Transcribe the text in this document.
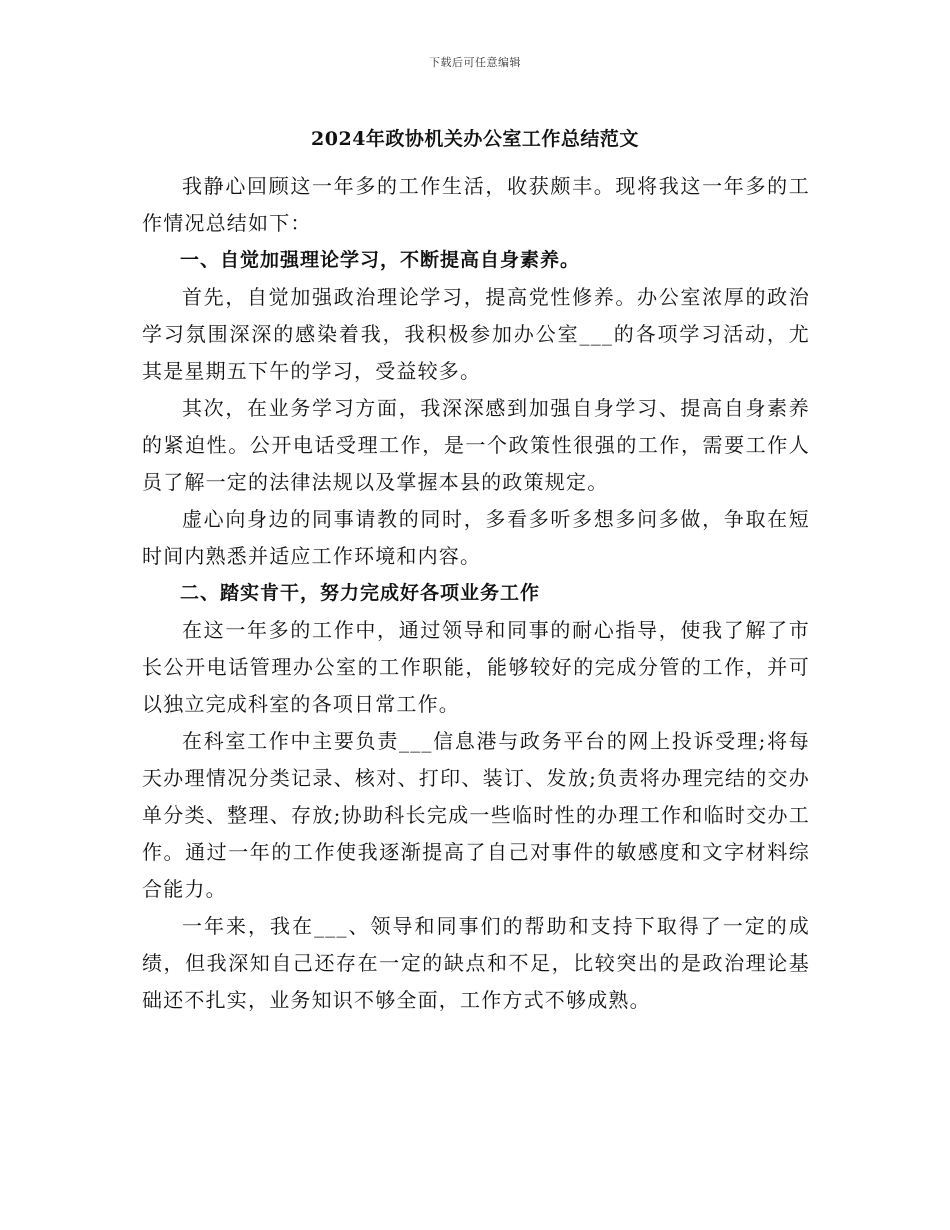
下载后可任意编辑
2024年政协机关办公室工作总结范文

我静心回顾这一年多的工作生活，收获颇丰。现将我这一年多的工作情况总结如下：

一、自觉加强理论学习，不断提高自身素养。

首先，自觉加强政治理论学习，提高党性修养。办公室浓厚的政治学习氛围深深的感染着我，我积极参加办公室___的各项学习活动，尤其是星期五下午的学习，受益较多。

其次，在业务学习方面，我深深感到加强自身学习、提高自身素养的紧迫性。公开电话受理工作，是一个政策性很强的工作，需要工作人员了解一定的法律法规以及掌握本县的政策规定。

虚心向身边的同事请教的同时，多看多听多想多问多做，争取在短时间内熟悉并适应工作环境和内容。

二、踏实肯干，努力完成好各项业务工作

在这一年多的工作中，通过领导和同事的耐心指导，使我了解了市长公开电话管理办公室的工作职能，能够较好的完成分管的工作，并可以独立完成科室的各项日常工作。

在科室工作中主要负责___信息港与政务平台的网上投诉受理;将每天办理情况分类记录、核对、打印、装订、发放;负责将办理完结的交办单分类、整理、存放;协助科长完成一些临时性的办理工作和临时交办工作。通过一年的工作使我逐渐提高了自己对事件的敏感度和文字材料综合能力。

一年来，我在___、领导和同事们的帮助和支持下取得了一定的成绩，但我深知自己还存在一定的缺点和不足，比较突出的是政治理论基础还不扎实，业务知识不够全面，工作方式不够成熟。
